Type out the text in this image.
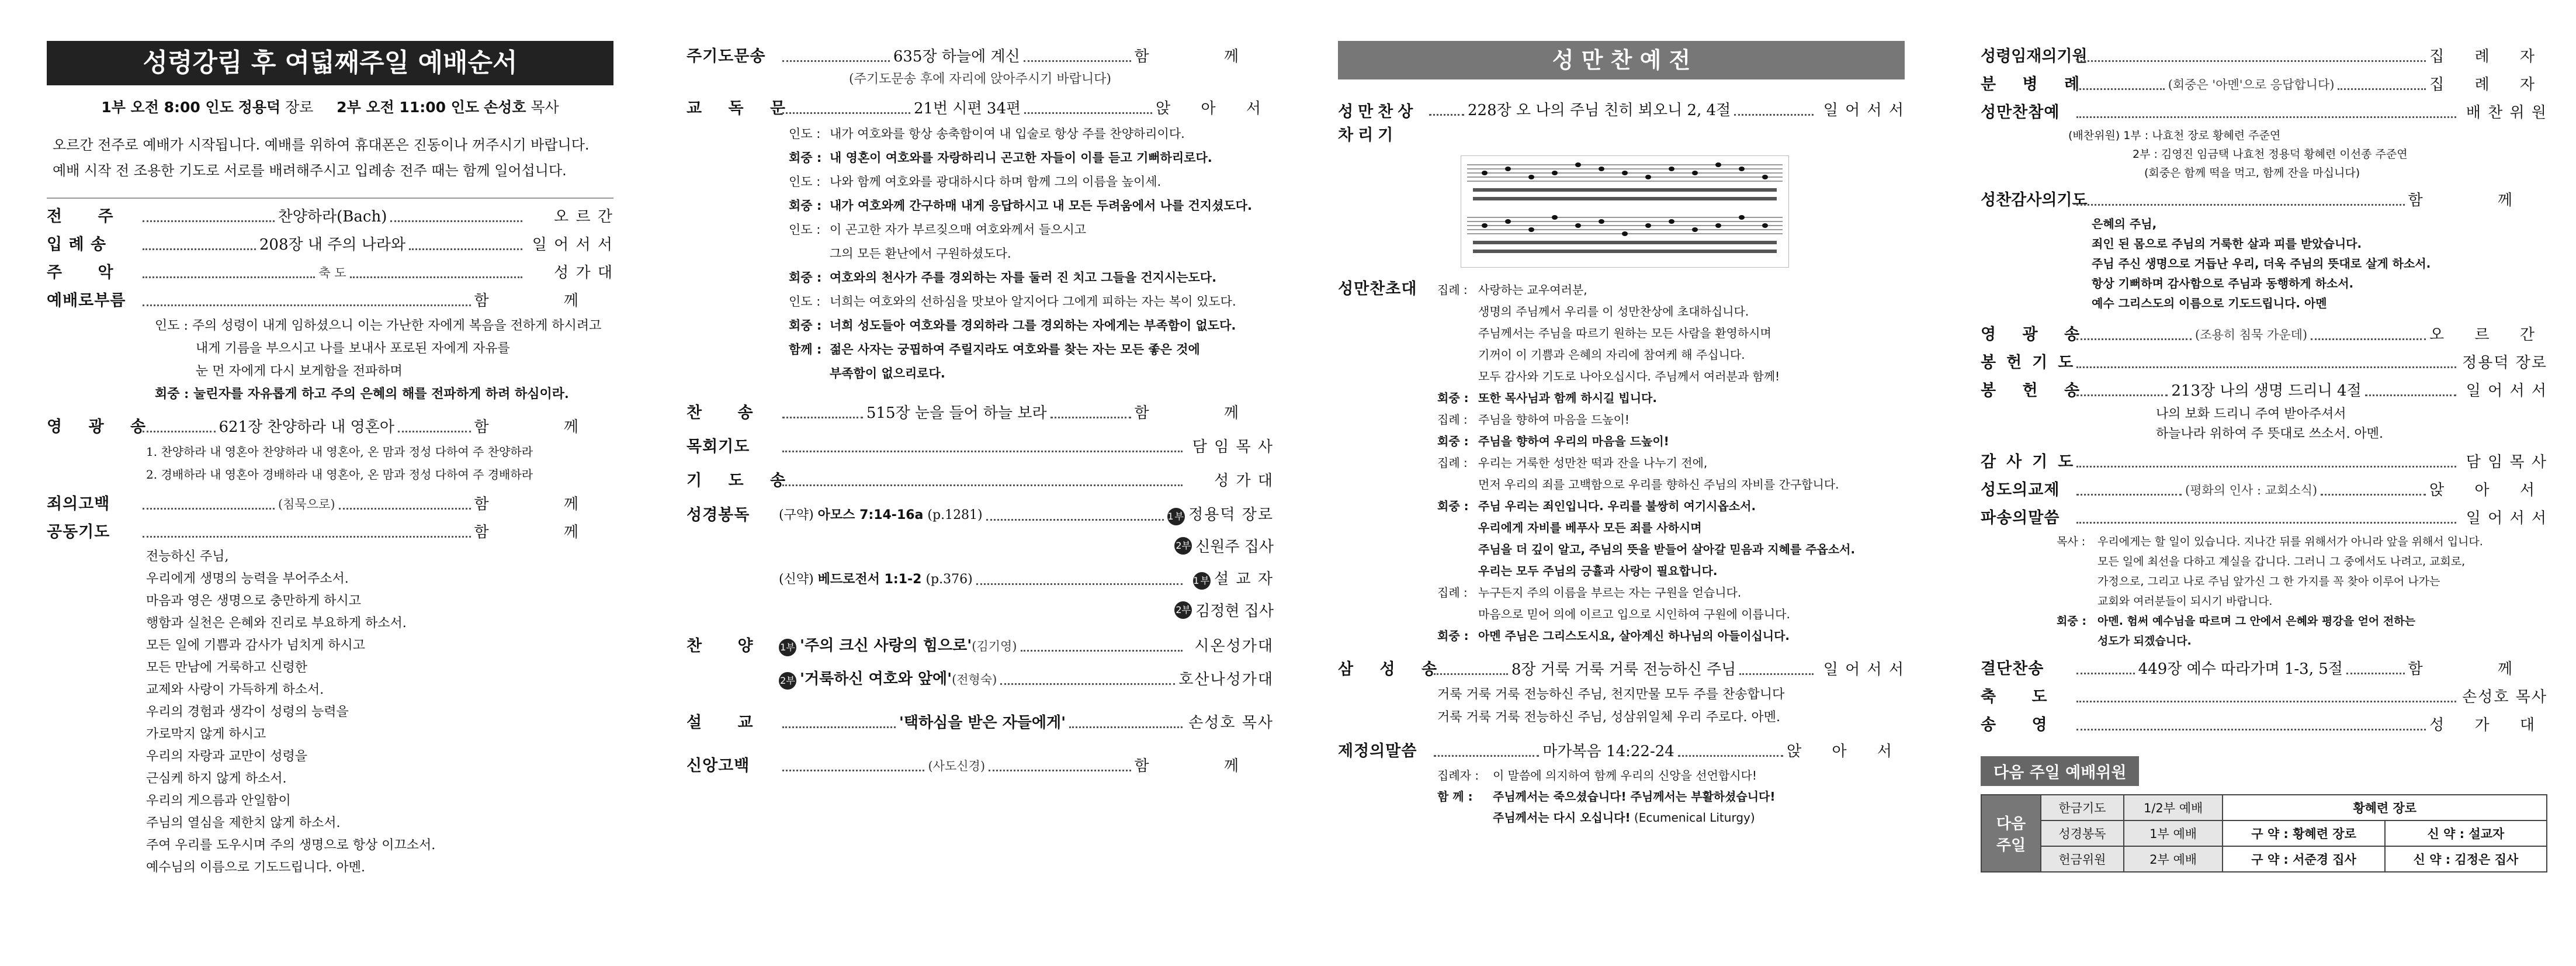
성령강림 후 여덟째주일 예배순서
1부 오전 8:00 인도 정용덕 장로 2부 오전 11:00 인도 손성호 목사
오르간 전주로 예배가 시작됩니다. 예배를 위하여 휴대폰은 진동이나 꺼주시기 바랍니다.
예배 시작 전 조용한 기도로 서로를 배려해주시고 입례송 전주 때는 함께 일어섭니다.
전 주	찬양하라(Bach)	오 르 간
입 례 송	208장 내 주의 나라와	일 어 서 서
주 악	축 도	성 가 대
예배로부름	함 께

인도 : 주의 성령이 내게 임하셨으니 이는 가난한 자에게 복음을 전하게 하시려고

내게 기름을 부으시고 나를 보내사 포로된 자에게 자유를

눈 먼 자에게 다시 보게함을 전파하며

회중 : 눌린자를 자유롭게 하고 주의 은혜의 해를 전파하게 하려 하심이라.

영 광 송	621장 찬양하라 내 영혼아	함 께

1. 찬양하라 내 영혼아 찬양하라 내 영혼아, 온 맘과 정성 다하여 주 찬양하라

2. 경배하라 내 영혼아 경배하라 내 영혼아, 온 맘과 정성 다하여 주 경배하라

죄의고백	(침묵으로)	함 께
공동기도	함 께

전능하신 주님,

우리에게 생명의 능력을 부어주소서.

마음과 영은 생명으로 충만하게 하시고

행함과 실천은 은혜와 진리로 부요하게 하소서.

모든 일에 기쁨과 감사가 넘치게 하시고

모든 만남에 거룩하고 신령한

교제와 사랑이 가득하게 하소서.

우리의 경험과 생각이 성령의 능력을

가로막지 않게 하시고

우리의 자랑과 교만이 성령을

근심케 하지 않게 하소서.

우리의 게으름과 안일함이

주님의 열심을 제한치 않게 하소서.

주여 우리를 도우시며 주의 생명으로 항상 이끄소서.

예수님의 이름으로 기도드립니다. 아멘.

주기도문송	635장 하늘에 계신	함 께
(주기도문송 후에 자리에 앉아주시기 바랍니다)
교 독 문	21번 시편 34편	앉 아 서

인도 : 내가 여호와를 항상 송축함이여 내 입술로 항상 주를 찬양하리이다.

회중 : 내 영혼이 여호와를 자랑하리니 곤고한 자들이 이를 듣고 기뻐하리로다.

인도 : 나와 함께 여호와를 광대하시다 하며 함께 그의 이름을 높이세.

회중 : 내가 여호와께 간구하매 내게 응답하시고 내 모든 두려움에서 나를 건지셨도다.

인도 : 이 곤고한 자가 부르짖으매 여호와께서 들으시고

그의 모든 환난에서 구원하셨도다.

회중 : 여호와의 천사가 주를 경외하는 자를 둘러 진 치고 그들을 건지시는도다.

인도 : 너희는 여호와의 선하심을 맛보아 알지어다 그에게 피하는 자는 복이 있도다.

회중 : 너희 성도들아 여호와를 경외하라 그를 경외하는 자에게는 부족함이 없도다.

함께 : 젊은 사자는 궁핍하여 주릴지라도 여호와를 찾는 자는 모든 좋은 것에

부족함이 없으리로다.

찬 송	515장 눈을 들어 하늘 보라	함 께
목회기도	담 임 목 사
기 도 송	성 가 대
성경봉독	(구약) 아모스 7:14-16a (p.1281)	1부 정용덕 장로
2부 신원주 집사
(신약) 베드로전서 1:1-2 (p.376)	1부 설 교 자
2부 김정현 집사
찬 양	1부 '주의 크신 사랑의 힘으로'(김기영)	시온성가대
2부 '거룩하신 여호와 앞에'(전형숙)	호산나성가대
설 교	'택하심을 받은 자들에게'	손성호 목사
신앙고백	(사도신경)	함 께
성 만 찬 예 전
성만찬상 차리기
228장 오 나의 주님 친히 뵈오니 2, 4절	일 어 서 서
성만찬초대	집례 : 사랑하는 교우여러분,

생명의 주님께서 우리를 이 성만찬상에 초대하십니다.

주님께서는 주님을 따르기 원하는 모든 사람을 환영하시며

기꺼이 이 기쁨과 은혜의 자리에 참여케 해 주십니다.

모두 감사와 기도로 나아오십시다. 주님께서 여러분과 함께!

회중 : 또한 목사님과 함께 하시길 빕니다.

집례 : 주님을 향하여 마음을 드높이!

회중 : 주님을 향하여 우리의 마음을 드높이!

집례 : 우리는 거룩한 성만찬 떡과 잔을 나누기 전에,

먼저 우리의 죄를 고백함으로 우리를 향하신 주님의 자비를 간구합니다.

회중 : 주님 우리는 죄인입니다. 우리를 불쌍히 여기시옵소서.

우리에게 자비를 베푸사 모든 죄를 사하시며

주님을 더 깊이 알고, 주님의 뜻을 받들어 살아갈 믿음과 지혜를 주옵소서.

우리는 모두 주님의 긍휼과 사랑이 필요합니다.

집례 : 누구든지 주의 이름을 부르는 자는 구원을 얻습니다.

마음으로 믿어 의에 이르고 입으로 시인하여 구원에 이릅니다.

회중 : 아멘 주님은 그리스도시요, 살아계신 하나님의 아들이십니다.

삼 성 송	8장 거룩 거룩 거룩 전능하신 주님	일 어 서 서

거룩 거룩 거룩 전능하신 주님, 천지만물 모두 주를 찬송합니다

거룩 거룩 거룩 전능하신 주님, 성삼위일체 우리 주로다. 아멘.

제정의말씀	마가복음 14:22-24	앉 아 서

집례자 : 이 말씀에 의지하여 함께 우리의 신앙을 선언합시다!

함 께 : 주님께서는 죽으셨습니다! 주님께서는 부활하셨습니다!

주님께서는 다시 오십니다! (Ecumenical Liturgy)

성령임재의기원	집 례 자
분 병 례	(회중은 '아멘'으로 응답합니다)	집 례 자
성만찬참예	배 찬 위 원

(배찬위원) 1부 : 나효천 장로 황혜련 주준연

2부 : 김영진 임금택 나효천 정용덕 황혜련 이선종 주준연

(회중은 함께 떡을 먹고, 함께 잔을 마십니다)

성찬감사의기도	함 께

은혜의 주님,

죄인 된 몸으로 주님의 거룩한 살과 피를 받았습니다.

주님 주신 생명으로 거듭난 우리, 더욱 주님의 뜻대로 살게 하소서.

항상 기뻐하며 감사함으로 주님과 동행하게 하소서.

예수 그리스도의 이름으로 기도드립니다. 아멘

영 광 송	(조용히 침묵 가운데)	오 르 간
봉헌기도	정용덕 장로
봉 헌 송	213장 나의 생명 드리니 4절	일 어 서 서

나의 보화 드리니 주여 받아주셔서

하늘나라 위하여 주 뜻대로 쓰소서. 아멘.

감사기도	담 임 목 사
성도의교제	(평화의 인사 : 교회소식)	앉 아 서
파송의말씀	일 어 서 서

목사 : 우리에게는 할 일이 있습니다. 지나간 뒤를 위해서가 아니라 앞을 위해서 입니다.

모든 일에 최선을 다하고 계실을 갑니다. 그러니 그 중에서도 나려고, 교회로,

가정으로, 그리고 나로 주님 앞가신 그 한 가지를 꼭 찾아 이루어 나가는

교회와 여러분들이 되시기 바랍니다.

회중 : 아멘. 험써 예수님을 따르며 그 안에서 은혜와 평강을 얻어 전하는

성도가 되겠습니다.

결단찬송	449장 예수 따라가며 1-3, 5절	함 께
축 도	손성호 목사
송 영	성 가 대
다음 주일 예배위원
다음 주일	한금기도	1/2부 예배	황혜련 장로	
	성경봉독	1부 예배	구 약 : 황혜련 장로	신 약 : 설교자
	헌금위원	2부 예배	구 약 : 서준경 집사	신 약 : 김정은 집사
